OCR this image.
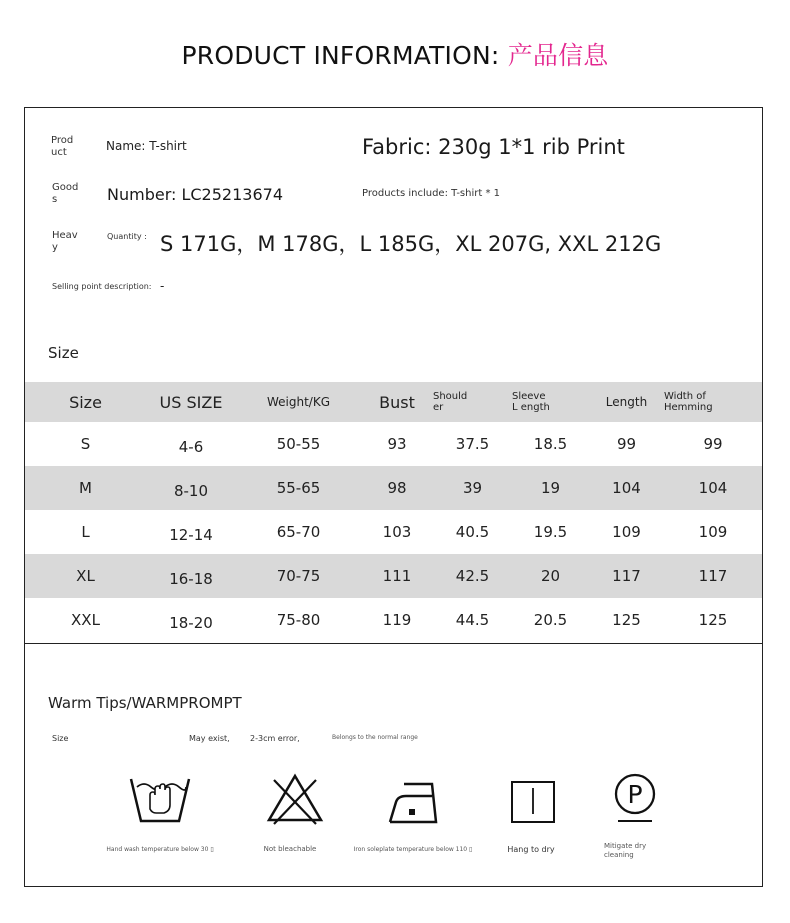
PRODUCT INFORMATION: 产品信息
Prod uct	Name: T-shirt	Fabric: 230g 1*1 rib Print
Good s	Number: LC25213674	Products include: T-shirt * 1
Heav y
Quantity : S 171G，M 178G，L 185G，XL 207G, XXL 212G
Selling point description: -
Size
Size	US SIZE	Weight/KG	Bust	Should er	Sleeve L ength	Length	Width of Hemming

S	4-6	50-55	93	37.5	18.5	99	99
M	8-10	55-65	98	39	19	104	104
L	12-14	65-70	103	40.5	19.5	109	109
XL	16-18	70-75	111	42.5	20	117	117
XXL	18-20	75-80	119	44.5	20.5	125	125
Warm Tips/WARMPROMPT
Size	May exist,	2-3cm error,	Belongs to the normal range
P
Hand wash temperature below 30 ▯	Not bleachable	Iron soleplate temperature below 110 ▯	Hang to dry	Mitigate dry cleaning
